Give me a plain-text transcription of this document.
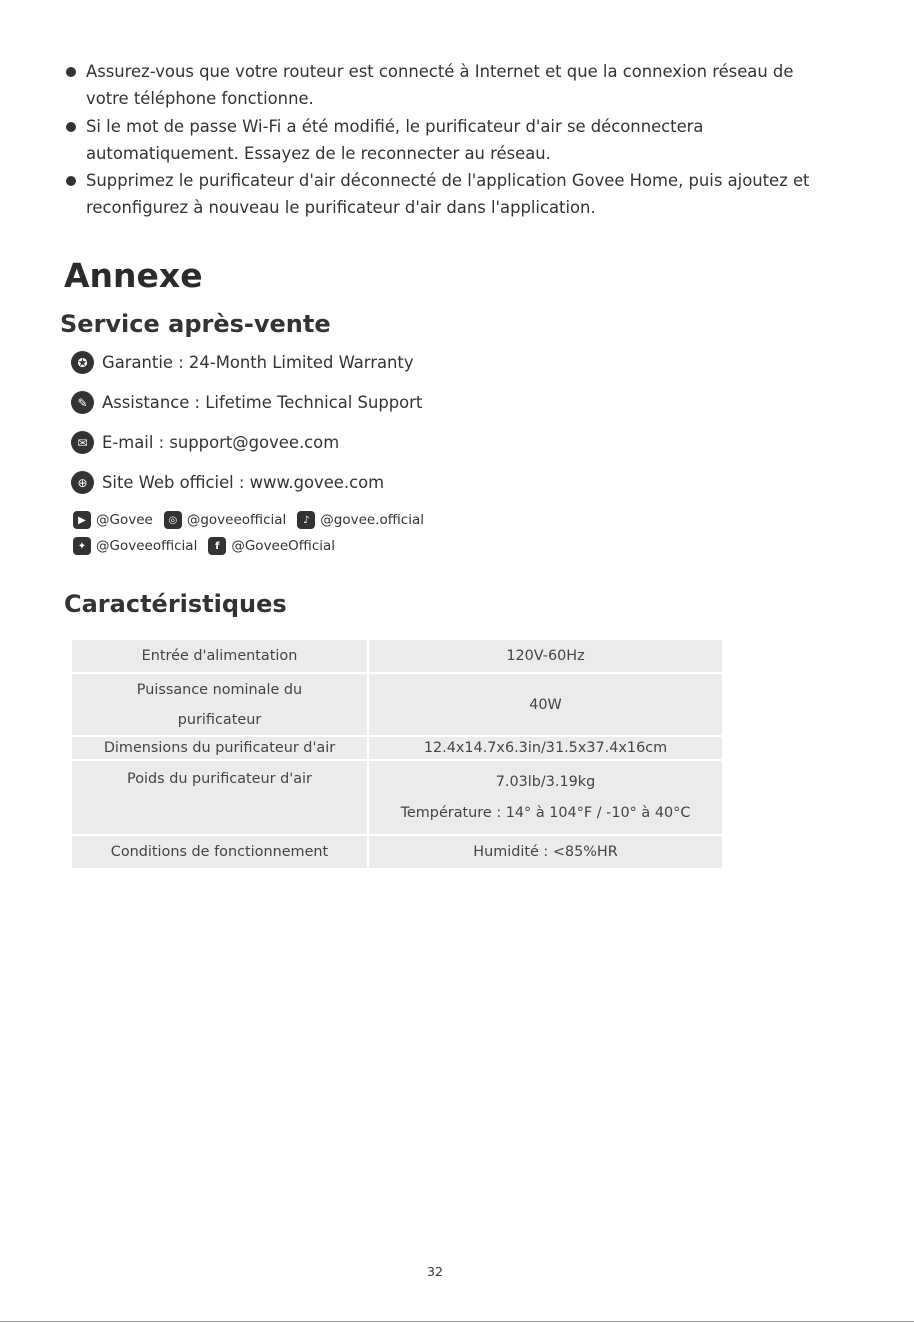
Assurez-vous que votre routeur est connecté à Internet et que la connexion réseau de
votre téléphone fonctionne.
Si le mot de passe Wi-Fi a été modifié, le purificateur d'air se déconnectera
automatiquement. Essayez de le reconnecter au réseau.
Supprimez le purificateur d'air déconnecté de l'application Govee Home, puis ajoutez et
reconfigurez à nouveau le purificateur d'air dans l'application.
Annexe
Service après-vente
✪ Garantie : 24-Month Limited Warranty
✎ Assistance : Lifetime Technical Support
✉ E-mail : support@govee.com
⊕ Site Web officiel : www.govee.com
▶ @Govee	◎ @goveeofficial	♪ @govee.official
✦ @Goveeofficial	f @GoveeOfficial
Caractéristiques
Entrée d'alimentation	120V-60Hz

Puissance nominale du
purificateur	40W
Dimensions du purificateur d'air	12.4x14.7x6.3in/31.5x37.4x16cm
Poids du purificateur d'air	7.03lb/3.19kg
Température : 14° à 104°F / -10° à 40°C

Conditions de fonctionnement	Humidité : <85%HR
32
